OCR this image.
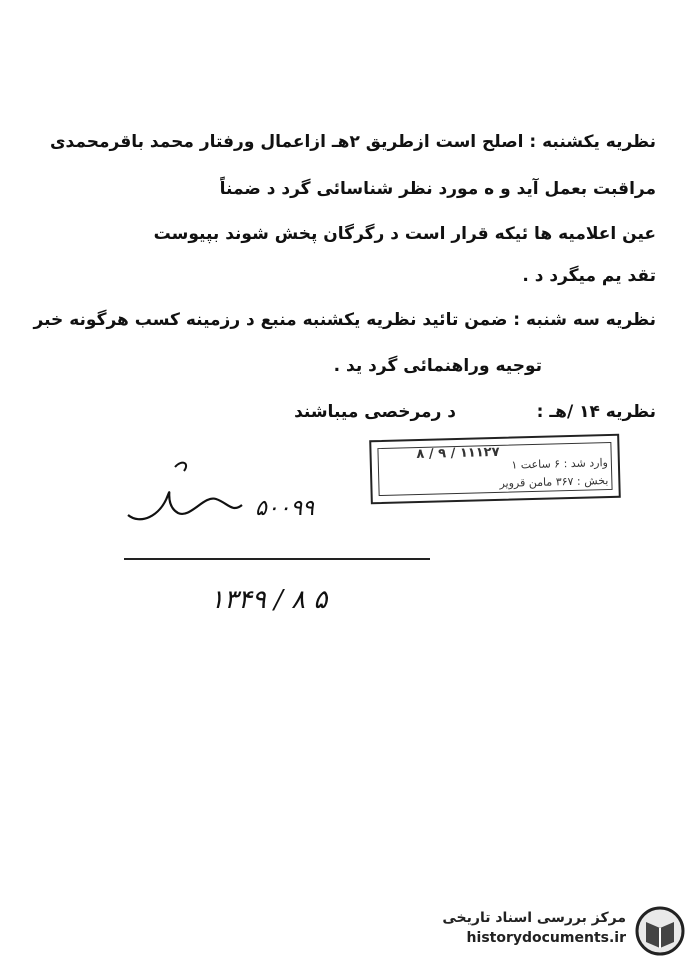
نظریه یکشنبه : اصلح است ازطریق ۲هـ ازاعمال ورفتار محمد باقرمحمدی
مراقبت بعمل آید و ه مورد نظر شناسائی گرد د ضمناً
عین اعلامیه ها ئیکه قرار است د رگرگان پخش شوند بپیوست
تقد یم میگرد د .
نظریه سه شنبه : ضمن تائید نظریه یکشنبه منبع د رزمینه کسب هرگونه خبر
توجیه وراهنمائی گرد ید .
نظریه ۱۴ /هـ :
د رمرخصی میباشند
۱۱۱۲۷ / ۹ / ۸
وارد شد : ۶ ساعت ۱
بخش : ۳۶۷ مامن قرویر
۵۰۰۹۹
۵ ۸ / ۱۳۴۹
مرکز بررسی اسناد تاریخی
historydocuments.ir
